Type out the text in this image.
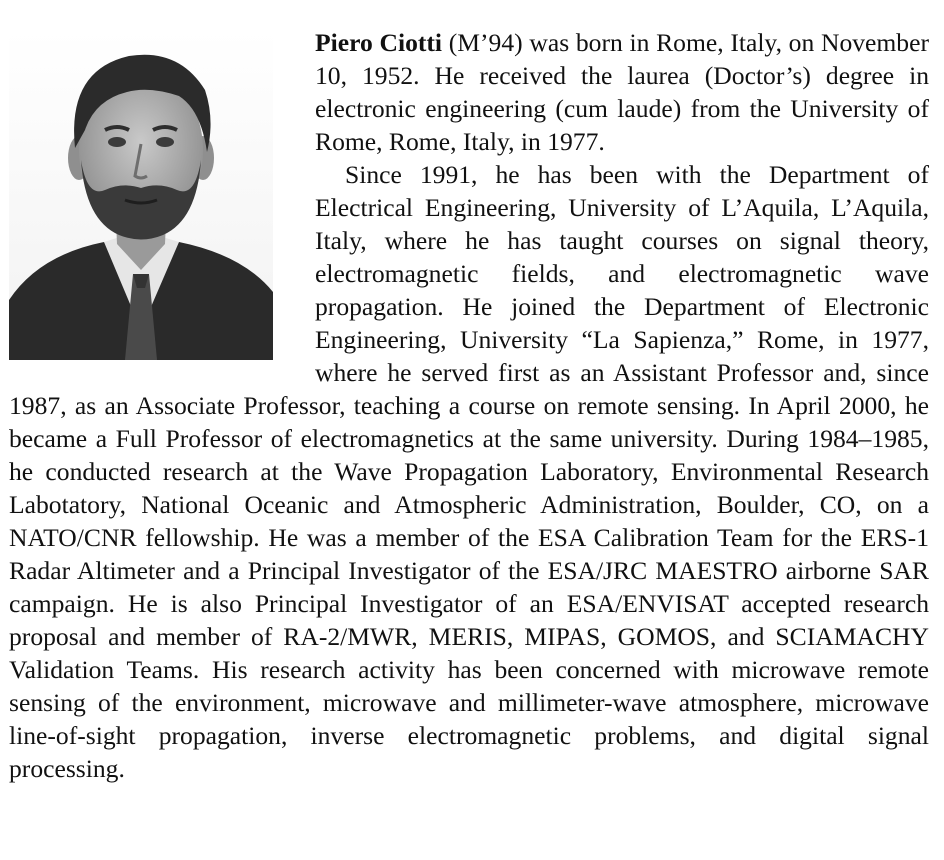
Piero Ciotti (M’94) was born in Rome, Italy, on November 10, 1952. He received the laurea (Doctor’s) degree in electronic engineering (cum laude) from the University of Rome, Rome, Italy, in 1977.

Since 1991, he has been with the Department of Electrical Engineering, University of L’Aquila, L’Aquila, Italy, where he has taught courses on signal theory, electromagnetic fields, and electromagnetic wave propagation. He joined the Department of Electronic Engineering, University “La Sapienza,” Rome, in 1977, where he served first as an Assistant Professor and, since 1987, as an Associate Professor, teaching a course on remote sensing. In April 2000, he became a Full Professor of electromagnetics at the same university. During 1984–1985, he conducted research at the Wave Propagation Laboratory, Environmental Research Labotatory, National Oceanic and Atmospheric Administration, Boulder, CO, on a NATO/CNR fellowship. He was a member of the ESA Calibration Team for the ERS-1 Radar Altimeter and a Principal Investigator of the ESA/JRC MAESTRO airborne SAR campaign. He is also Principal Investigator of an ESA/ENVISAT accepted research proposal and member of RA-2/MWR, MERIS, MIPAS, GOMOS, and SCIAMACHY Validation Teams. His research activity has been concerned with microwave remote sensing of the environment, microwave and millimeter-wave atmosphere, microwave line-of-sight propagation, inverse electromagnetic problems, and digital signal processing.
